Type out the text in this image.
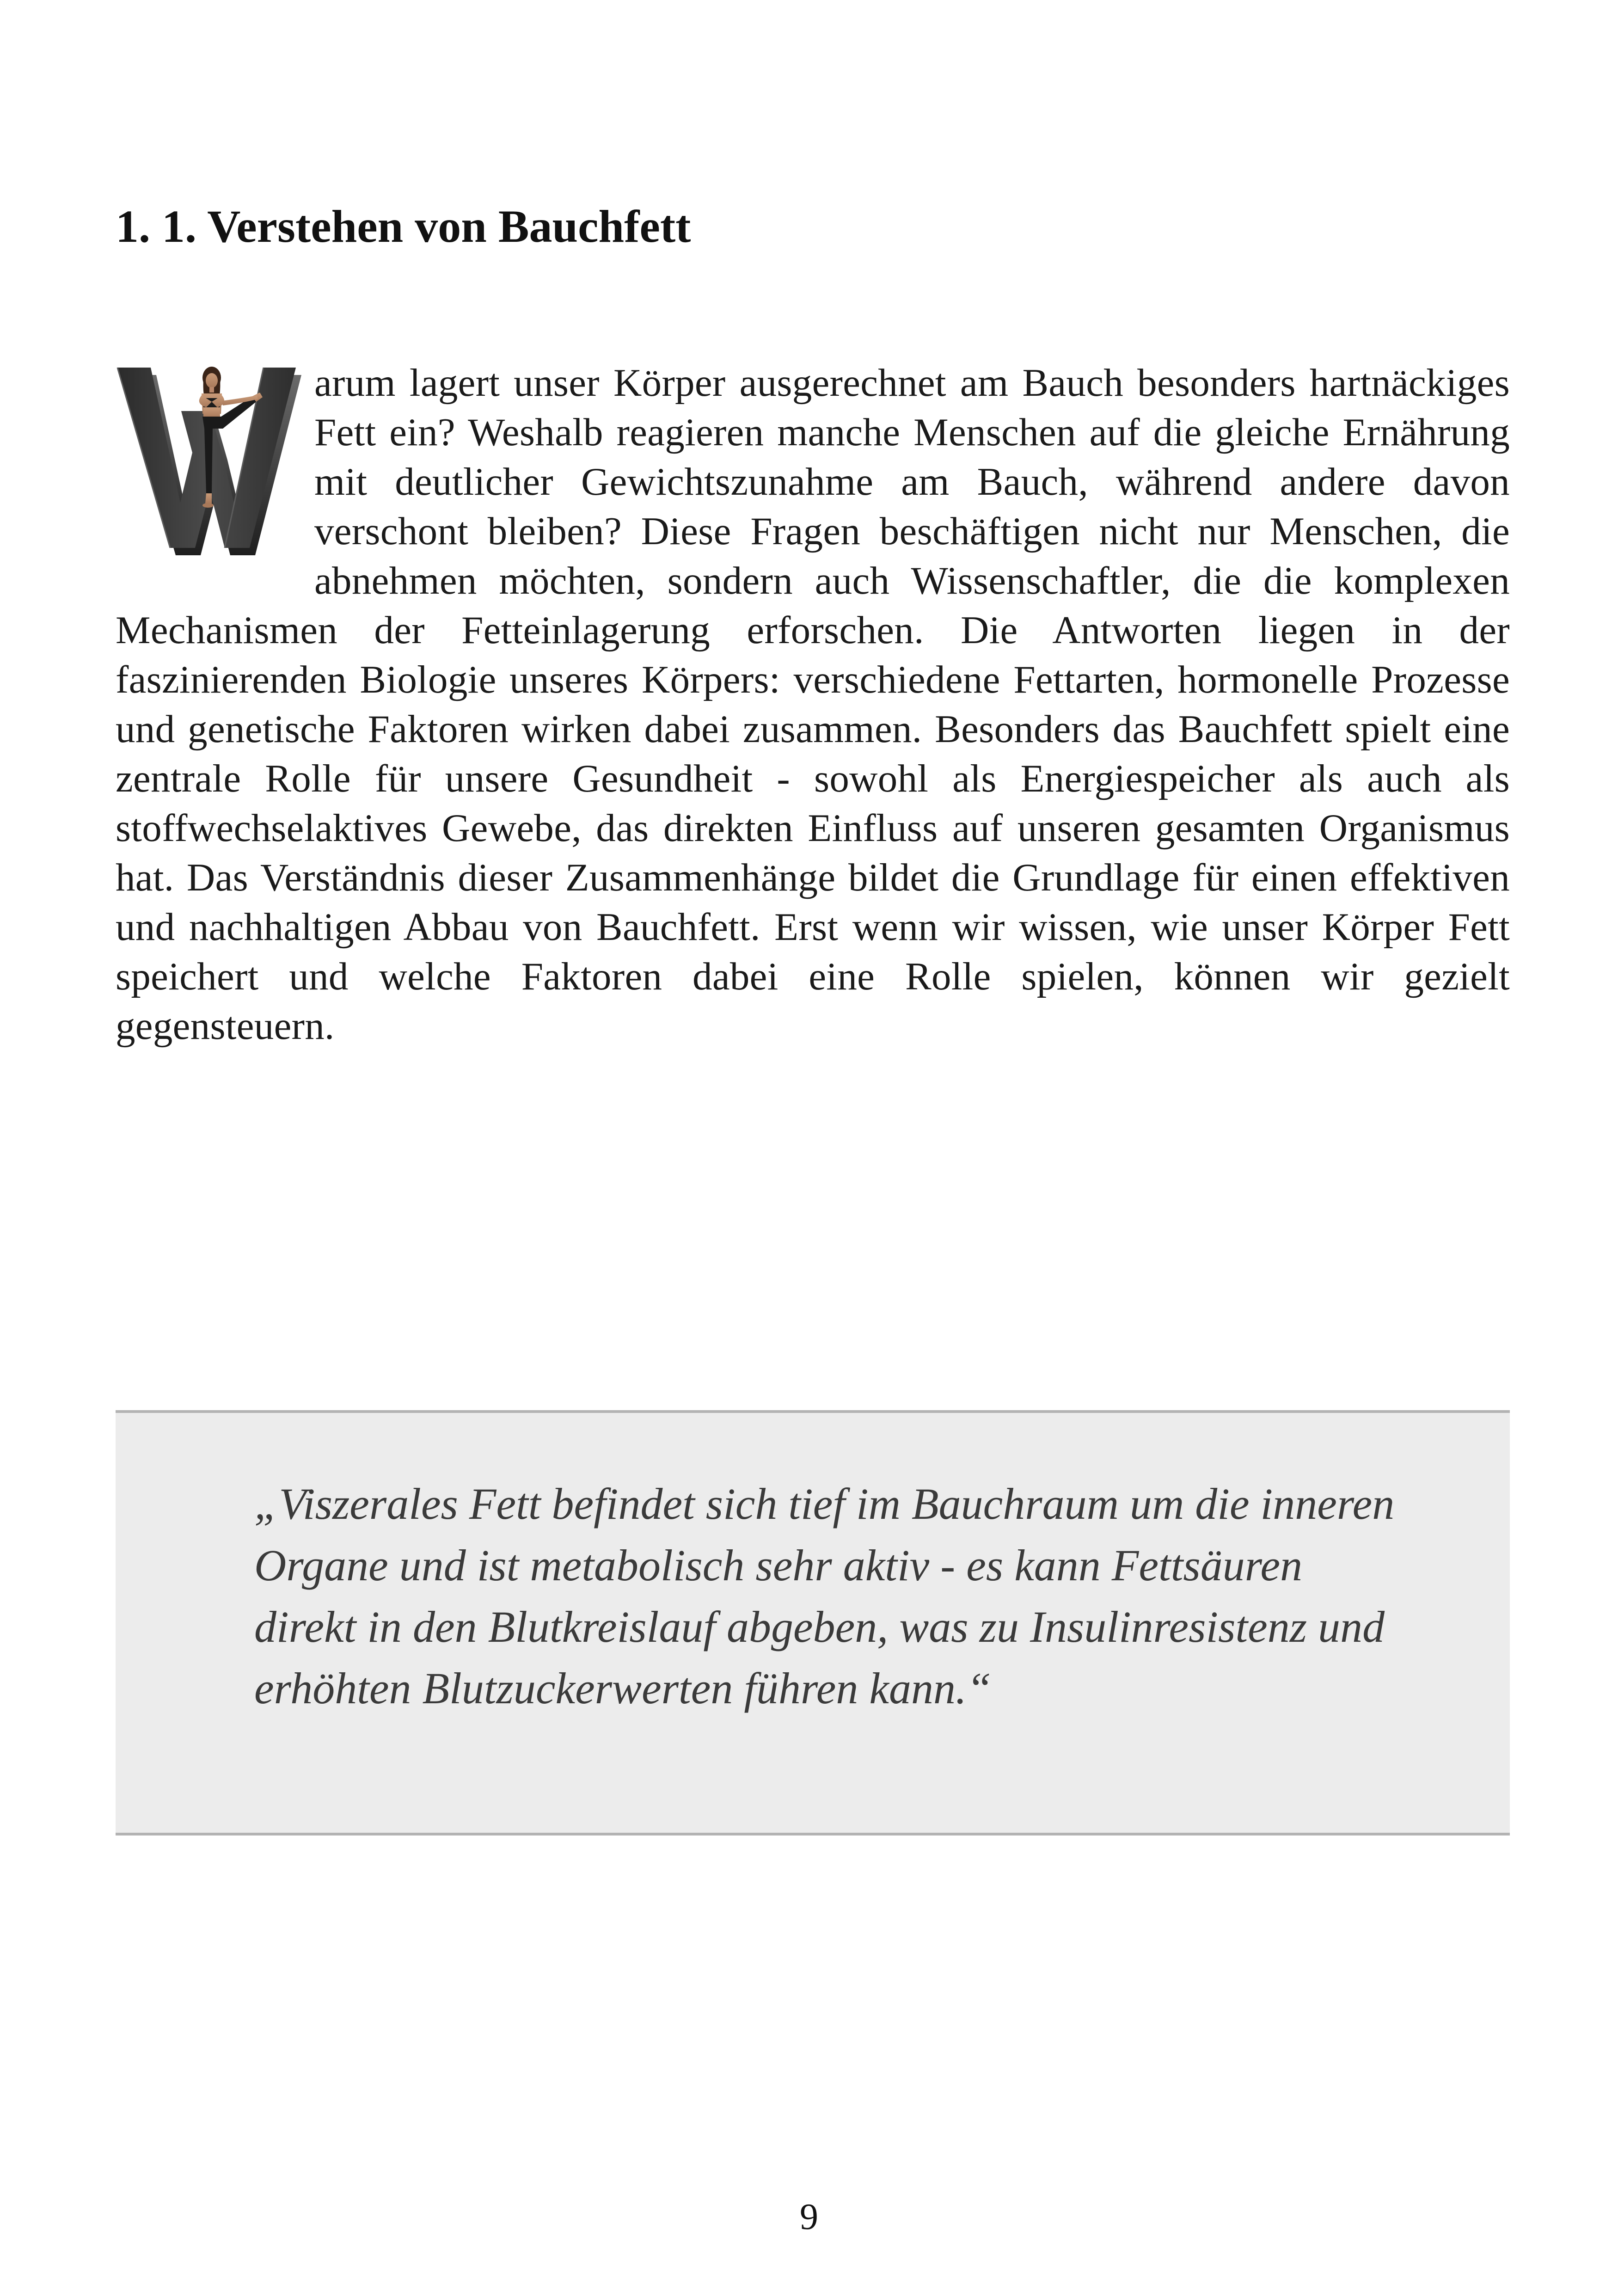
1. 1. Verstehen von Bauchfett

arum lagert unser Körper ausgerechnet am Bauch besonders hartnäckiges Fett ein? Weshalb reagieren manche Menschen auf die gleiche Ernährung mit deutlicher Gewichtszunahme am Bauch, während andere davon verschont bleiben? Diese Fragen beschäftigen nicht nur Menschen, die abnehmen möchten, sondern auch Wissenschaftler, die die komplexen Mechanismen der Fetteinlagerung erforschen. Die Antworten liegen in der faszinierenden Biologie unseres Körpers: verschiedene Fettarten, hormonelle Prozesse und genetische Faktoren wirken dabei zusammen. Besonders das Bauchfett spielt eine zentrale Rolle für unsere Gesundheit - sowohl als Energiespeicher als auch als stoffwechselaktives Gewebe, das direkten Einfluss auf unseren gesamten Organismus hat. Das Verständnis dieser Zusammenhänge bildet die Grundlage für einen effektiven und nachhaltigen Abbau von Bauchfett. Erst wenn wir wissen, wie unser Körper Fett speichert und welche Faktoren dabei eine Rolle spielen, können wir gezielt gegensteuern.

„Viszerales Fett befindet sich tief im Bauchraum um die inneren Organe und ist metabolisch sehr aktiv - es kann Fettsäuren direkt in den Blutkreislauf abgeben, was zu Insulinresistenz und erhöhten Blutzuckerwerten führen kann.“

9
